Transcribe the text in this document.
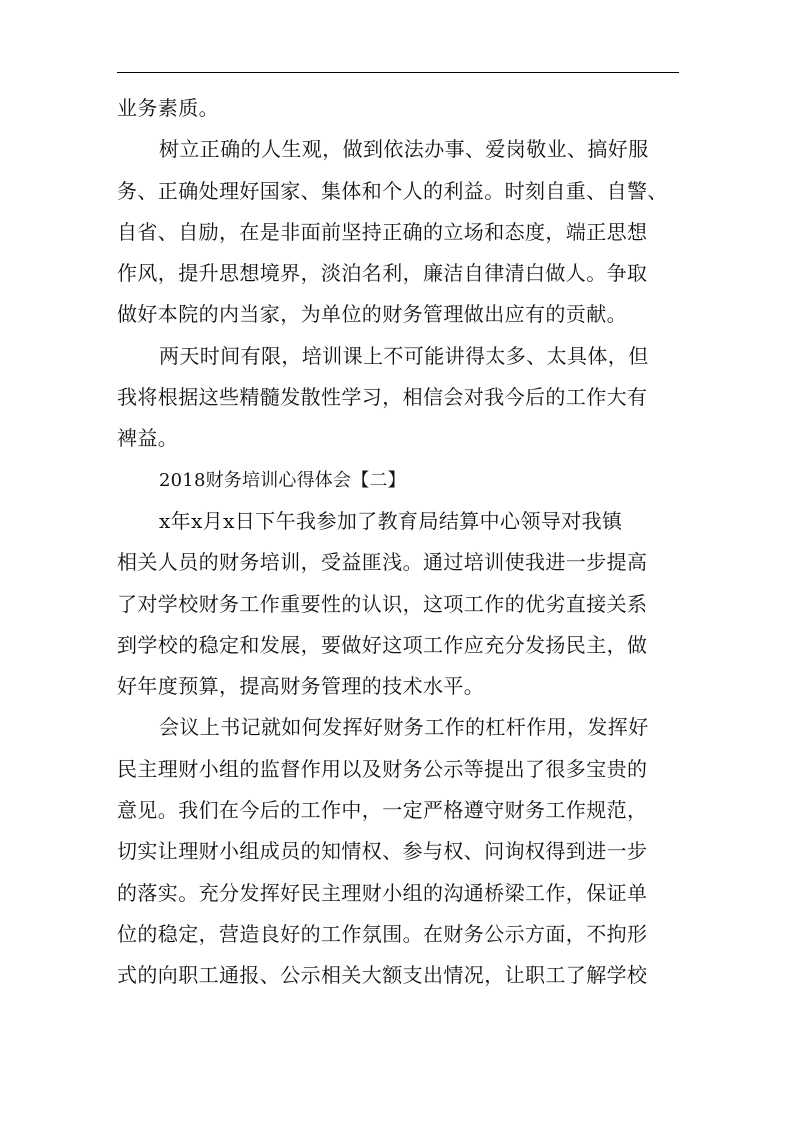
业务素质。
树立正确的人生观，做到依法办事、爱岗敬业、搞好服
务、正确处理好国家、集体和个人的利益。时刻自重、自警、
自省、自励，在是非面前坚持正确的立场和态度，端正思想
作风，提升思想境界，淡泊名利，廉洁自律清白做人。争取
做好本院的内当家，为单位的财务管理做出应有的贡献。
两天时间有限，培训课上不可能讲得太多、太具体，但
我将根据这些精髓发散性学习，相信会对我今后的工作大有
裨益。
2018财务培训心得体会【二】
x年x月x日下午我参加了教育局结算中心领导对我镇
相关人员的财务培训，受益匪浅。通过培训使我进一步提高
了对学校财务工作重要性的认识，这项工作的优劣直接关系
到学校的稳定和发展，要做好这项工作应充分发扬民主，做
好年度预算，提高财务管理的技术水平。
会议上书记就如何发挥好财务工作的杠杆作用，发挥好
民主理财小组的监督作用以及财务公示等提出了很多宝贵的
意见。我们在今后的工作中，一定严格遵守财务工作规范，
切实让理财小组成员的知情权、参与权、问询权得到进一步
的落实。充分发挥好民主理财小组的沟通桥梁工作，保证单
位的稳定，营造良好的工作氛围。在财务公示方面，不拘形
式的向职工通报、公示相关大额支出情况，让职工了解学校
